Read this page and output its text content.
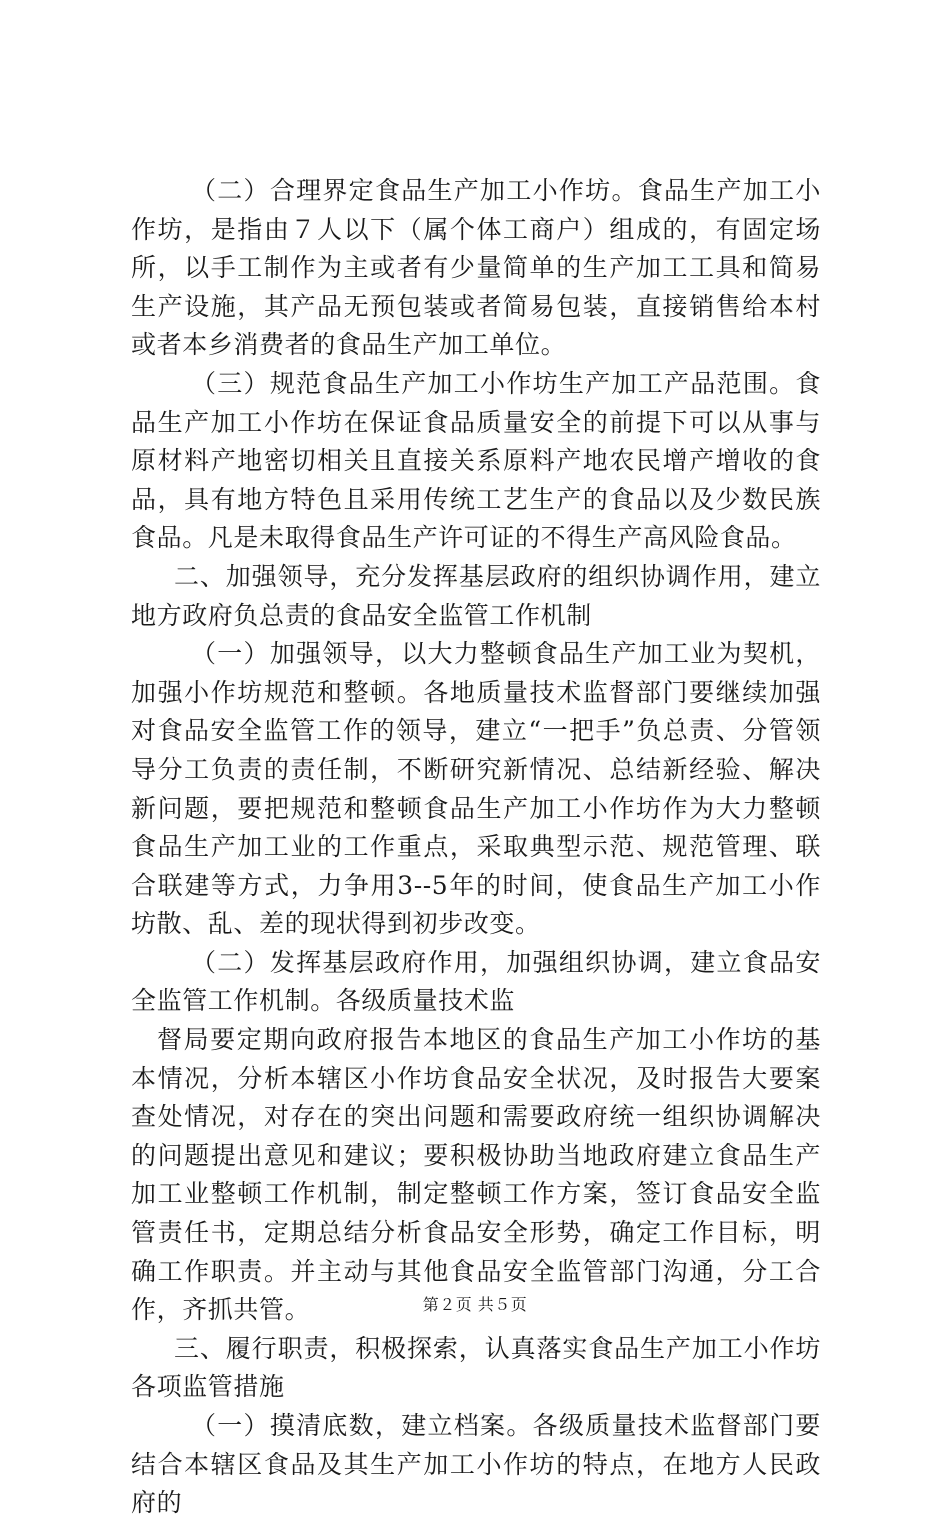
（二）合理界定食品生产加工小作坊。食品生产加工小作坊，是指由７人以下（属个体工商户）组成的，有固定场所，以手工制作为主或者有少量简单的生产加工工具和简易生产设施，其产品无预包装或者简易包装，直接销售给本村或者本乡消费者的食品生产加工单位。

（三）规范食品生产加工小作坊生产加工产品范围。食品生产加工小作坊在保证食品质量安全的前提下可以从事与原材料产地密切相关且直接关系原料产地农民增产增收的食品，具有地方特色且采用传统工艺生产的食品以及少数民族食品。凡是未取得食品生产许可证的不得生产高风险食品。

二、加强领导，充分发挥基层政府的组织协调作用，建立地方政府负总责的食品安全监管工作机制

（一）加强领导，以大力整顿食品生产加工业为契机，加强小作坊规范和整顿。各地质量技术监督部门要继续加强对食品安全监管工作的领导，建立“一把手”负总责、分管领导分工负责的责任制，不断研究新情况、总结新经验、解决新问题，要把规范和整顿食品生产加工小作坊作为大力整顿食品生产加工业的工作重点，采取典型示范、规范管理、联合联建等方式，力争用3--5年的时间，使食品生产加工小作坊散、乱、差的现状得到初步改变。

（二）发挥基层政府作用，加强组织协调，建立食品安全监管工作机制。各级质量技术监

督局要定期向政府报告本地区的食品生产加工小作坊的基本情况，分析本辖区小作坊食品安全状况，及时报告大要案查处情况，对存在的突出问题和需要政府统一组织协调解决的问题提出意见和建议；要积极协助当地政府建立食品生产加工业整顿工作机制，制定整顿工作方案，签订食品安全监管责任书，定期总结分析食品安全形势，确定工作目标，明确工作职责。并主动与其他食品安全监管部门沟通，分工合作，齐抓共管。

三、履行职责，积极探索，认真落实食品生产加工小作坊各项监管措施

（一）摸清底数，建立档案。各级质量技术监督部门要结合本辖区食品及其生产加工小作坊的特点，在地方人民政府的

第２页 共５页
